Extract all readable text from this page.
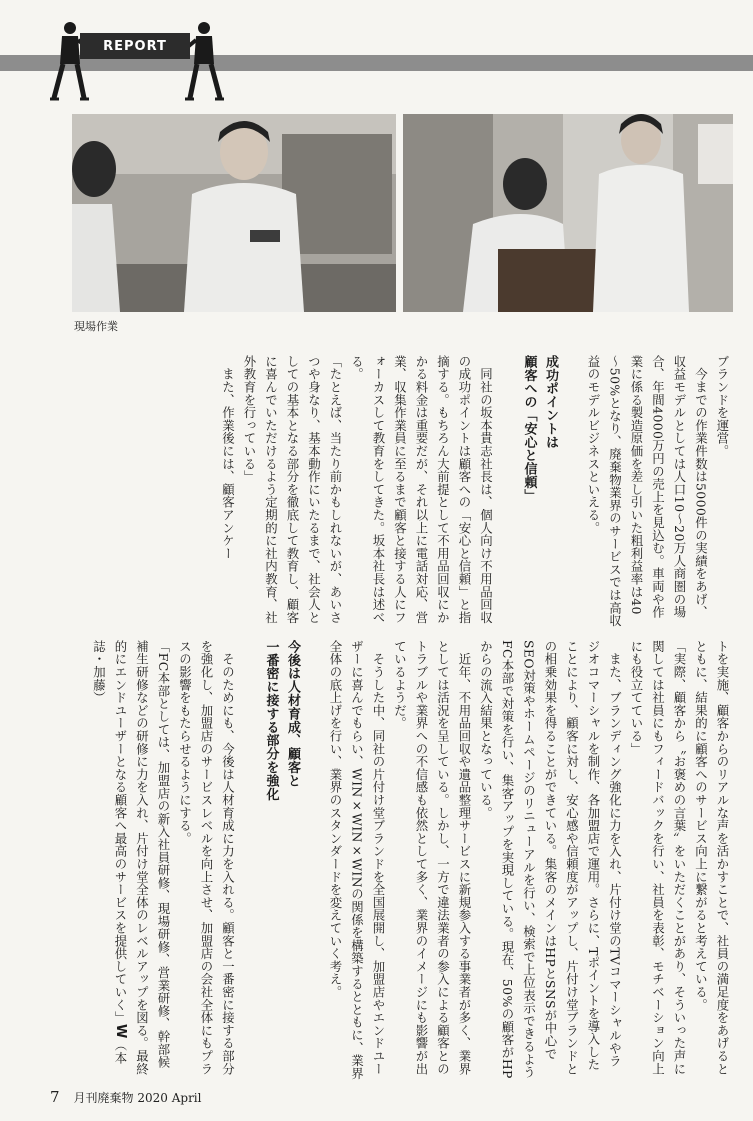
REPORT
現場作業
ブランドを運営。
　今までの作業件数は5000件の実績をあげ、収益モデルとしては人口10～20万人商圏の場合、年間4000万円の売上を見込む。車両や作業に係る製造原価を差し引いた粗利益率は40～50%となり、廃棄物業界のサービスでは高収益のモデルビジネスといえる。

成功ポイントは
顧客への「安心と信頼」

　同社の坂本貴志社長は、個人向け不用品回収の成功ポイントは顧客への「安心と信頼」と指摘する。もちろん大前提として不用品回収にかかる料金は重要だが、それ以上に電話対応、営業、収集作業員に至るまで顧客と接する人にフォーカスして教育をしてきた。坂本社長は述べる。
「たとえば、当たり前かもしれないが、あいさつや身なり、基本動作にいたるまで、社会人としての基本となる部分を徹底して教育し、顧客に喜んでいただけるよう定期的に社内教育、社外教育を行っている」
　また、作業後には、顧客アンケー
トを実施、顧客からのリアルな声を活かすことで、社員の満足度をあげるとともに、結果的に顧客へのサービス向上に繋がると考えている。
「実際、顧客から〝お褒めの言葉〟をいただくことがあり、そういった声に関しては社員にもフィードバックを行い、社員を表彰、モチベーション向上にも役立てている」
　また、ブランディング強化に力を入れ、片付け堂のTVコマーシャルやラジオコマーシャルを制作、各加盟店で運用。さらに、Tポイントを導入したことにより、顧客に対し、安心感や信頼度がアップし、片付け堂ブランドとの相乗効果を得ることができている。集客のメインはHPとSNSが中心でSEO対策やホームページのリニューアルを行い、検索で上位表示できるようFC本部で対策を行い、集客アップを実現している。現在、50%の顧客がHPからの流入結果となっている。
　近年、不用品回収や遺品整理サービスに新規参入する事業者が多く、業界としては活況を呈している。しかし、一方で違法業者の参入による顧客とのトラブルや業界への不信感も依然として多く、業界のイメージにも影響が出ているようだ。
　そうした中、同社の片付け堂ブランドを全国展開し、加盟店やエンドユーザーに喜んでもらい、WIN×WIN×WINの関係を構築するとともに、業界全体の底上げを行い、業界のスタンダードを変えていく考え。

今後は人材育成、顧客と
一番密に接する部分を強化

　そのためにも、今後は人材育成に力を入れる。顧客と一番密に接する部分を強化し、加盟店のサービスレベルを向上させ、加盟店の会社全体にもプラスの影響をもたらせるようにする。
「FC本部としては、加盟店の新入社員研修、現場研修、営業研修、幹部候補生研修などの研修に力を入れ、片付け堂全体のレベルアップを図る。最終的にエンドユーザーとなる顧客へ最高のサービスを提供していく」W（本誌・加藤）
7 月刊廃棄物 2020 April
